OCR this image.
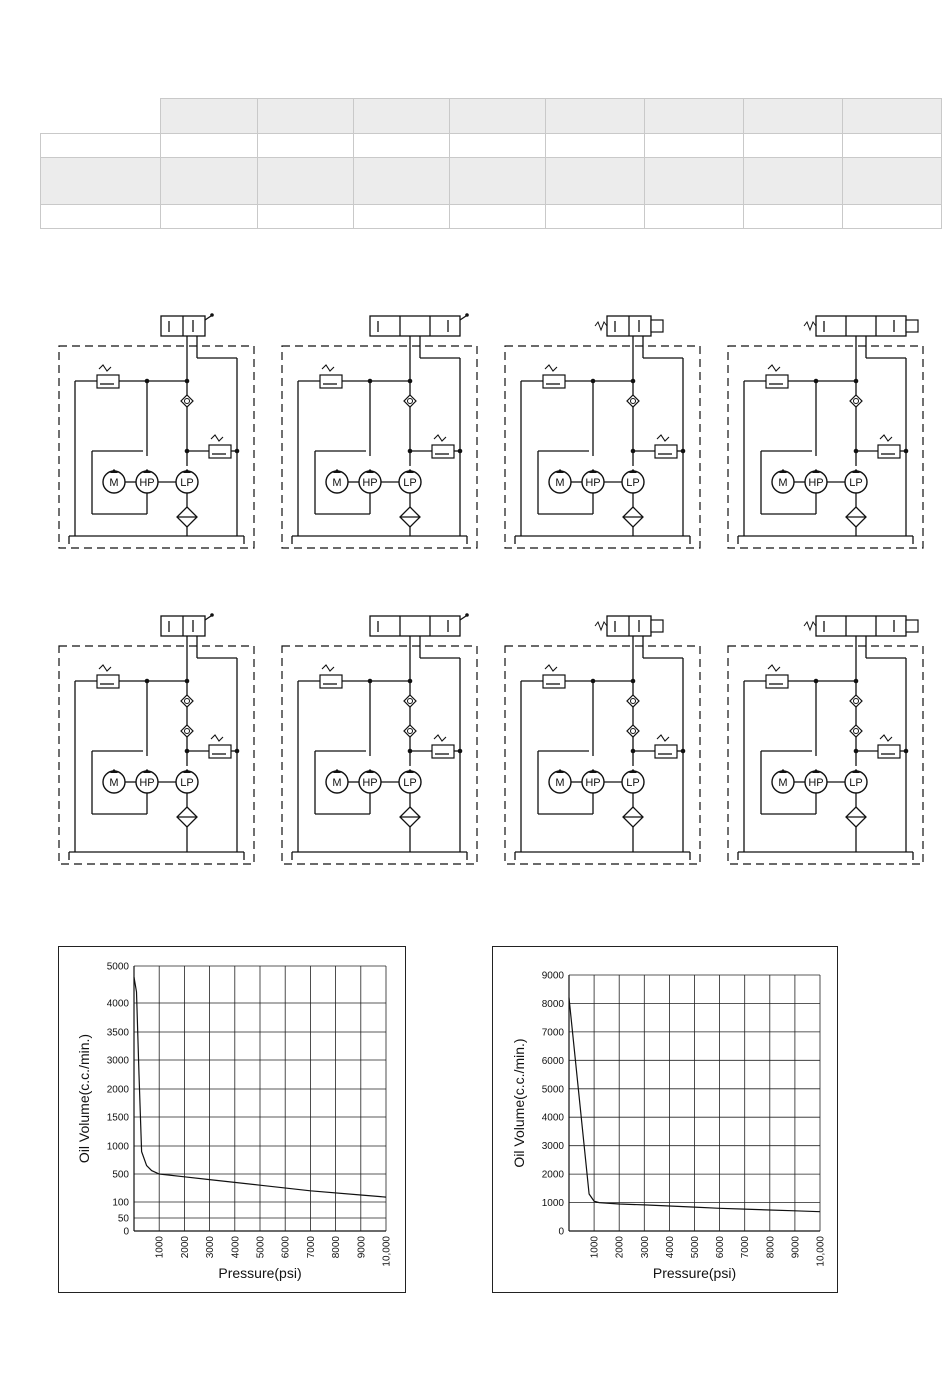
M HP LP	M HP LP	M HP LP	M HP LP
M HP LP	M HP LP	M HP LP	M HP LP
0
50
100
500
1000
1500
2000
3000
3500
4000
5000
1000 2000 3000 4000 5000 6000 7000 8000 9000 10,000
Pressure(psi)
Oil Volume(c.c./min.)
0
1000
2000
3000
4000
5000
6000
7000
8000
9000
1000 2000 3000 4000 5000 6000 7000 8000 9000 10,000
Pressure(psi)
Oil Volume(c.c./min.)
